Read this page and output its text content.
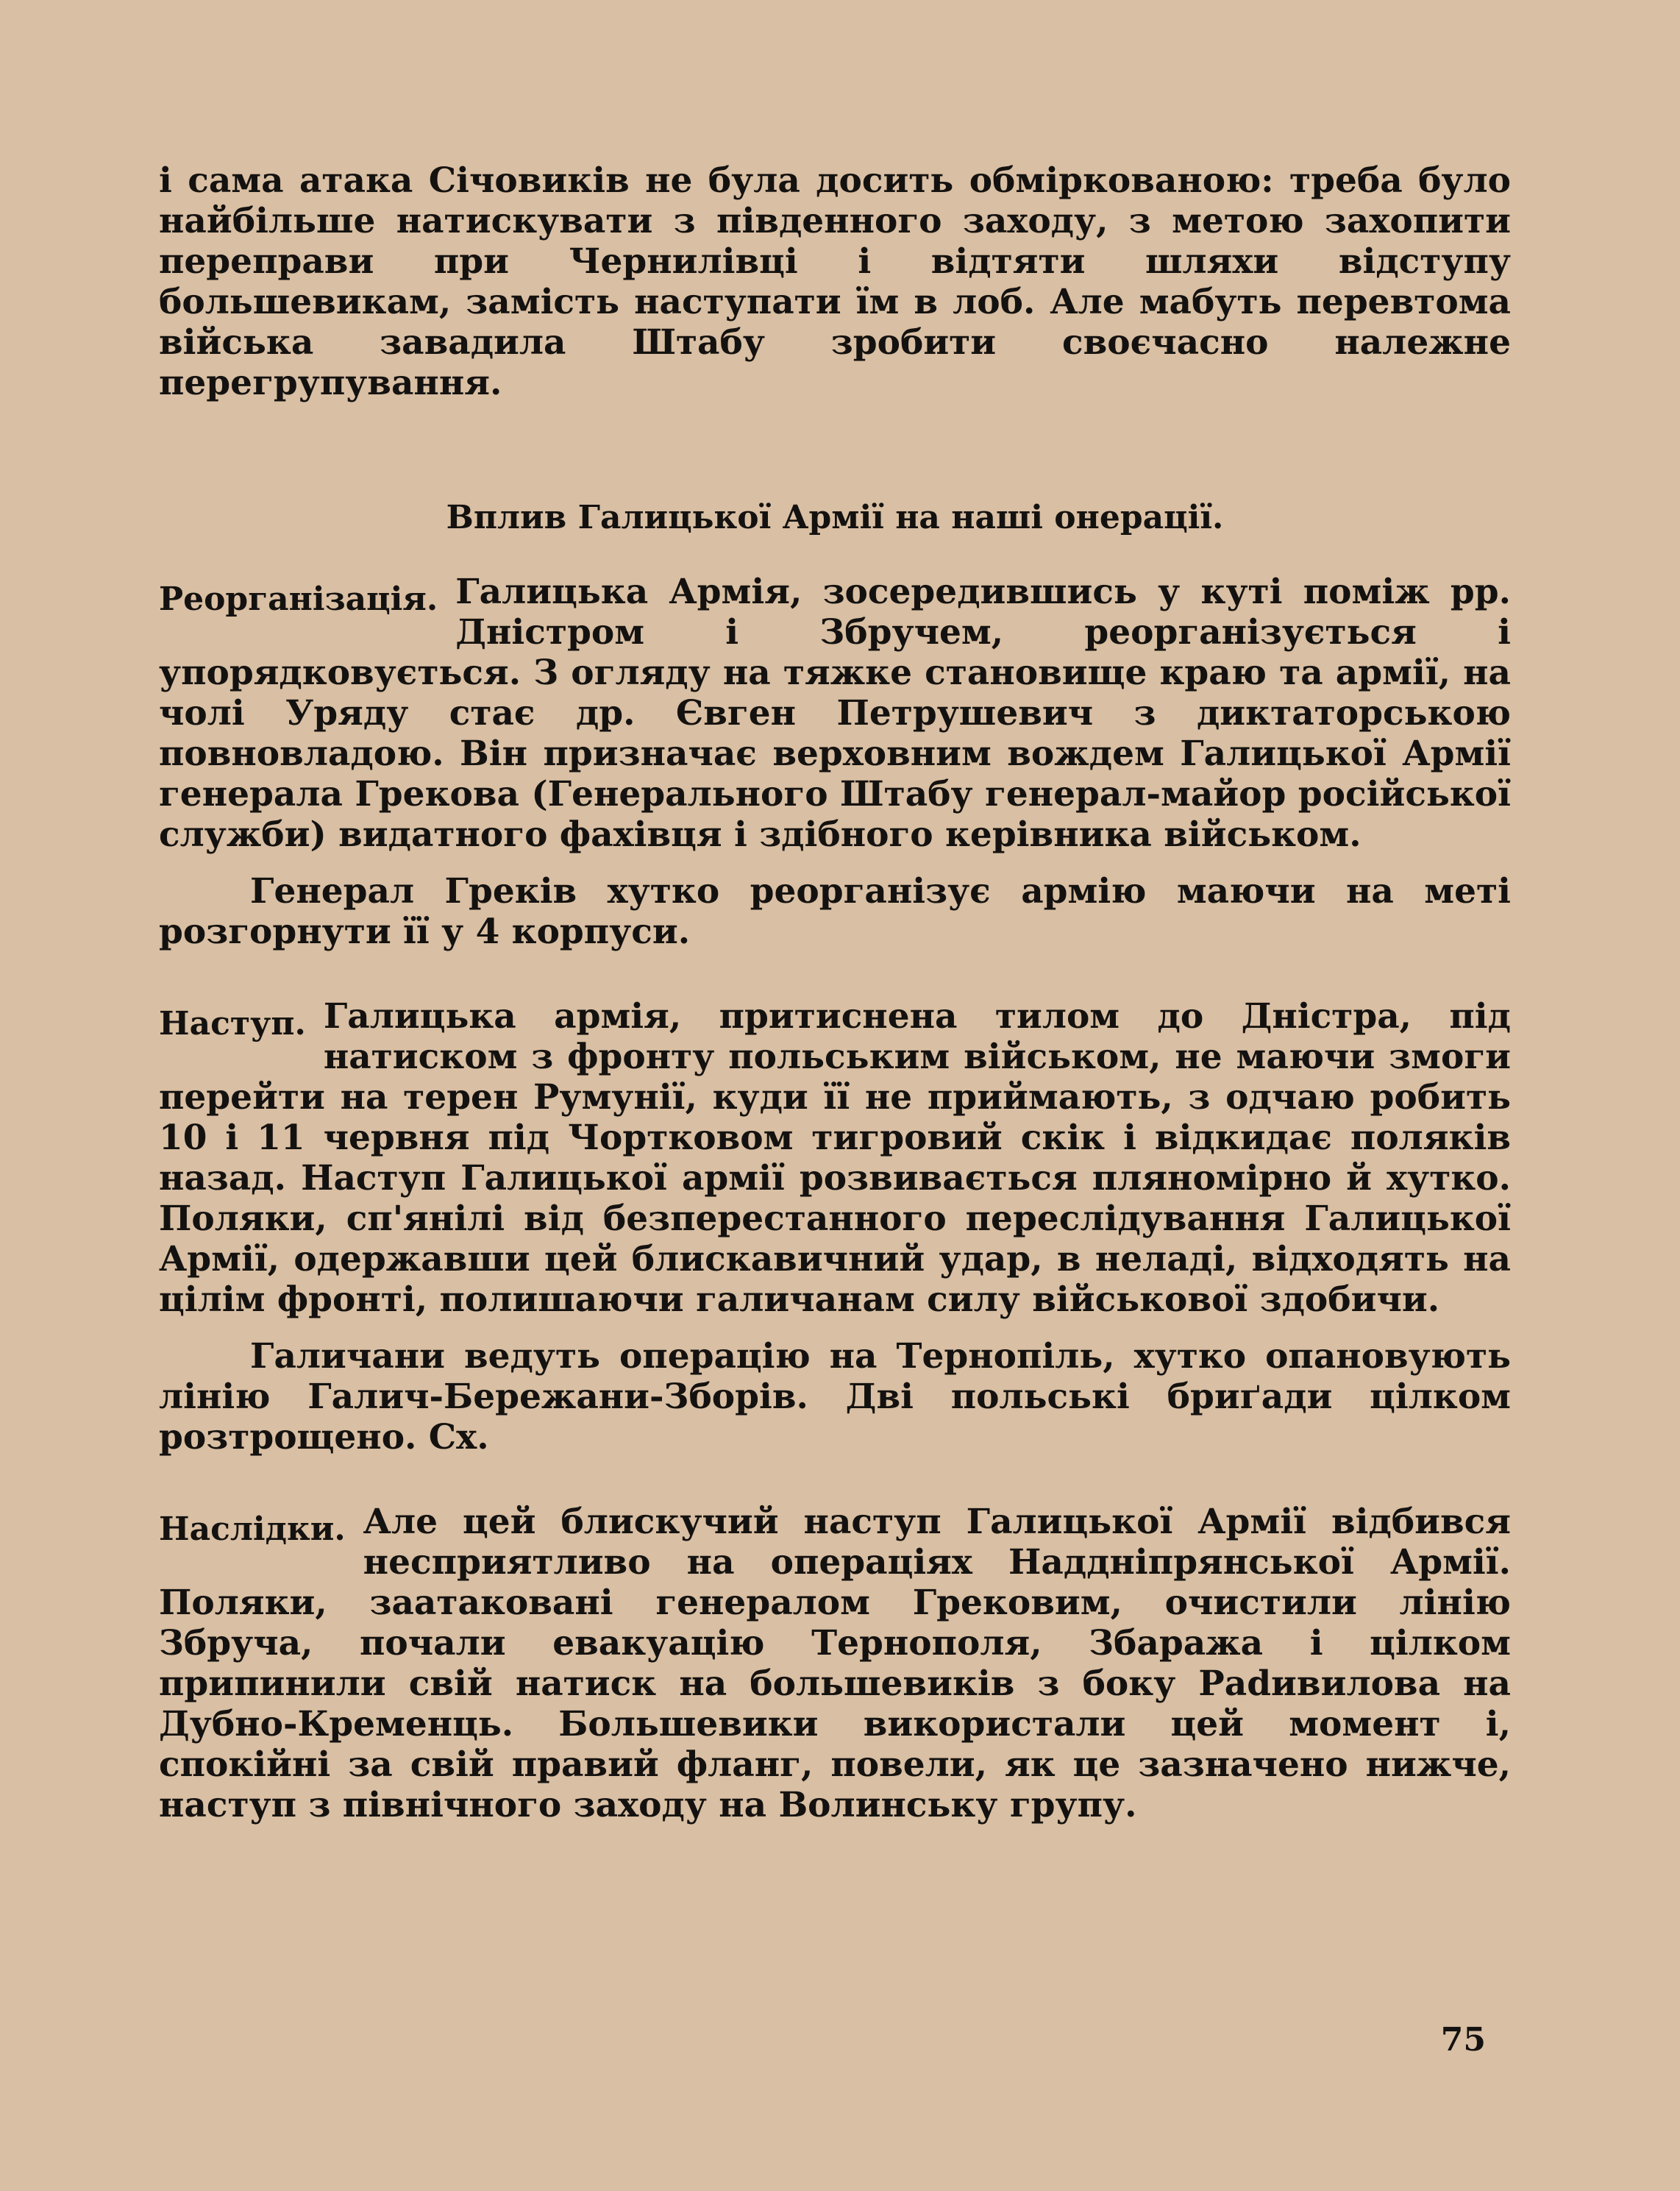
і сама атака Січовиків не була досить обміркованою: треба було найбільше натискувати з південного заходу, з метою захопити переправи при Чернилівці і відтяти шляхи відступу большевикам, замість наступати їм в лоб. Але мабуть перевтома війська завадила Штабу зробити своєчасно належне перегрупування.

Вплив Галицької Армії на наші онерації.
Реорганізація. Галицька Армія, зосередившись у куті поміж рр. Дністром і Збручем, реорганізується і упорядковується. З огляду на тяжке становище краю та армії, на чолі Уряду стає др. Євген Петрушевич з диктаторською повновладою. Він призначає верховним вождем Галицької Армії генерала Грекова (Генерального Штабу генерал-майор російської служби) видатного фахівця і здібного керівника військом.

Генерал Греків хутко реорганізує армію маючи на меті розгорнути її у 4 корпуси.

Наступ. Галицька армія, притиснена тилом до Дністра, під натиском з фронту польським військом, не маючи змоги перейти на терен Румунії, куди її не приймають, з одчаю робить 10 і 11 червня під Чортковом тигровий скік і відкидає поляків назад. Наступ Галицької армії розвивається пляномірно й хутко. Поляки, сп'янілі від безперестанного переслідування Галицької Армії, одержавши цей блискавичний удар, в неладі, відходять на цілім фронті, полишаючи галичанам силу військової здобичи.

Галичани ведуть операцію на Тернопіль, хутко опановують лінію Галич-Бережани-Зборів. Дві польські бриґади цілком розтрощено. Сх.

Наслідки. Але цей блискучий наступ Галицької Армії відбився несприятливо на операціях Наддніпрянської Армії. Поляки, заатаковані генералом Грековим, очистили лінію Збруча, почали евакуацію Тернополя, Збаража і цілком припинили свій натиск на большевиків з боку Раdивилова на Дубно-Кременць. Большевики використали цей момент і, спокійні за свій правий фланг, повели, як це зазначено нижче, наступ з північного заходу на Волинську групу.

75
